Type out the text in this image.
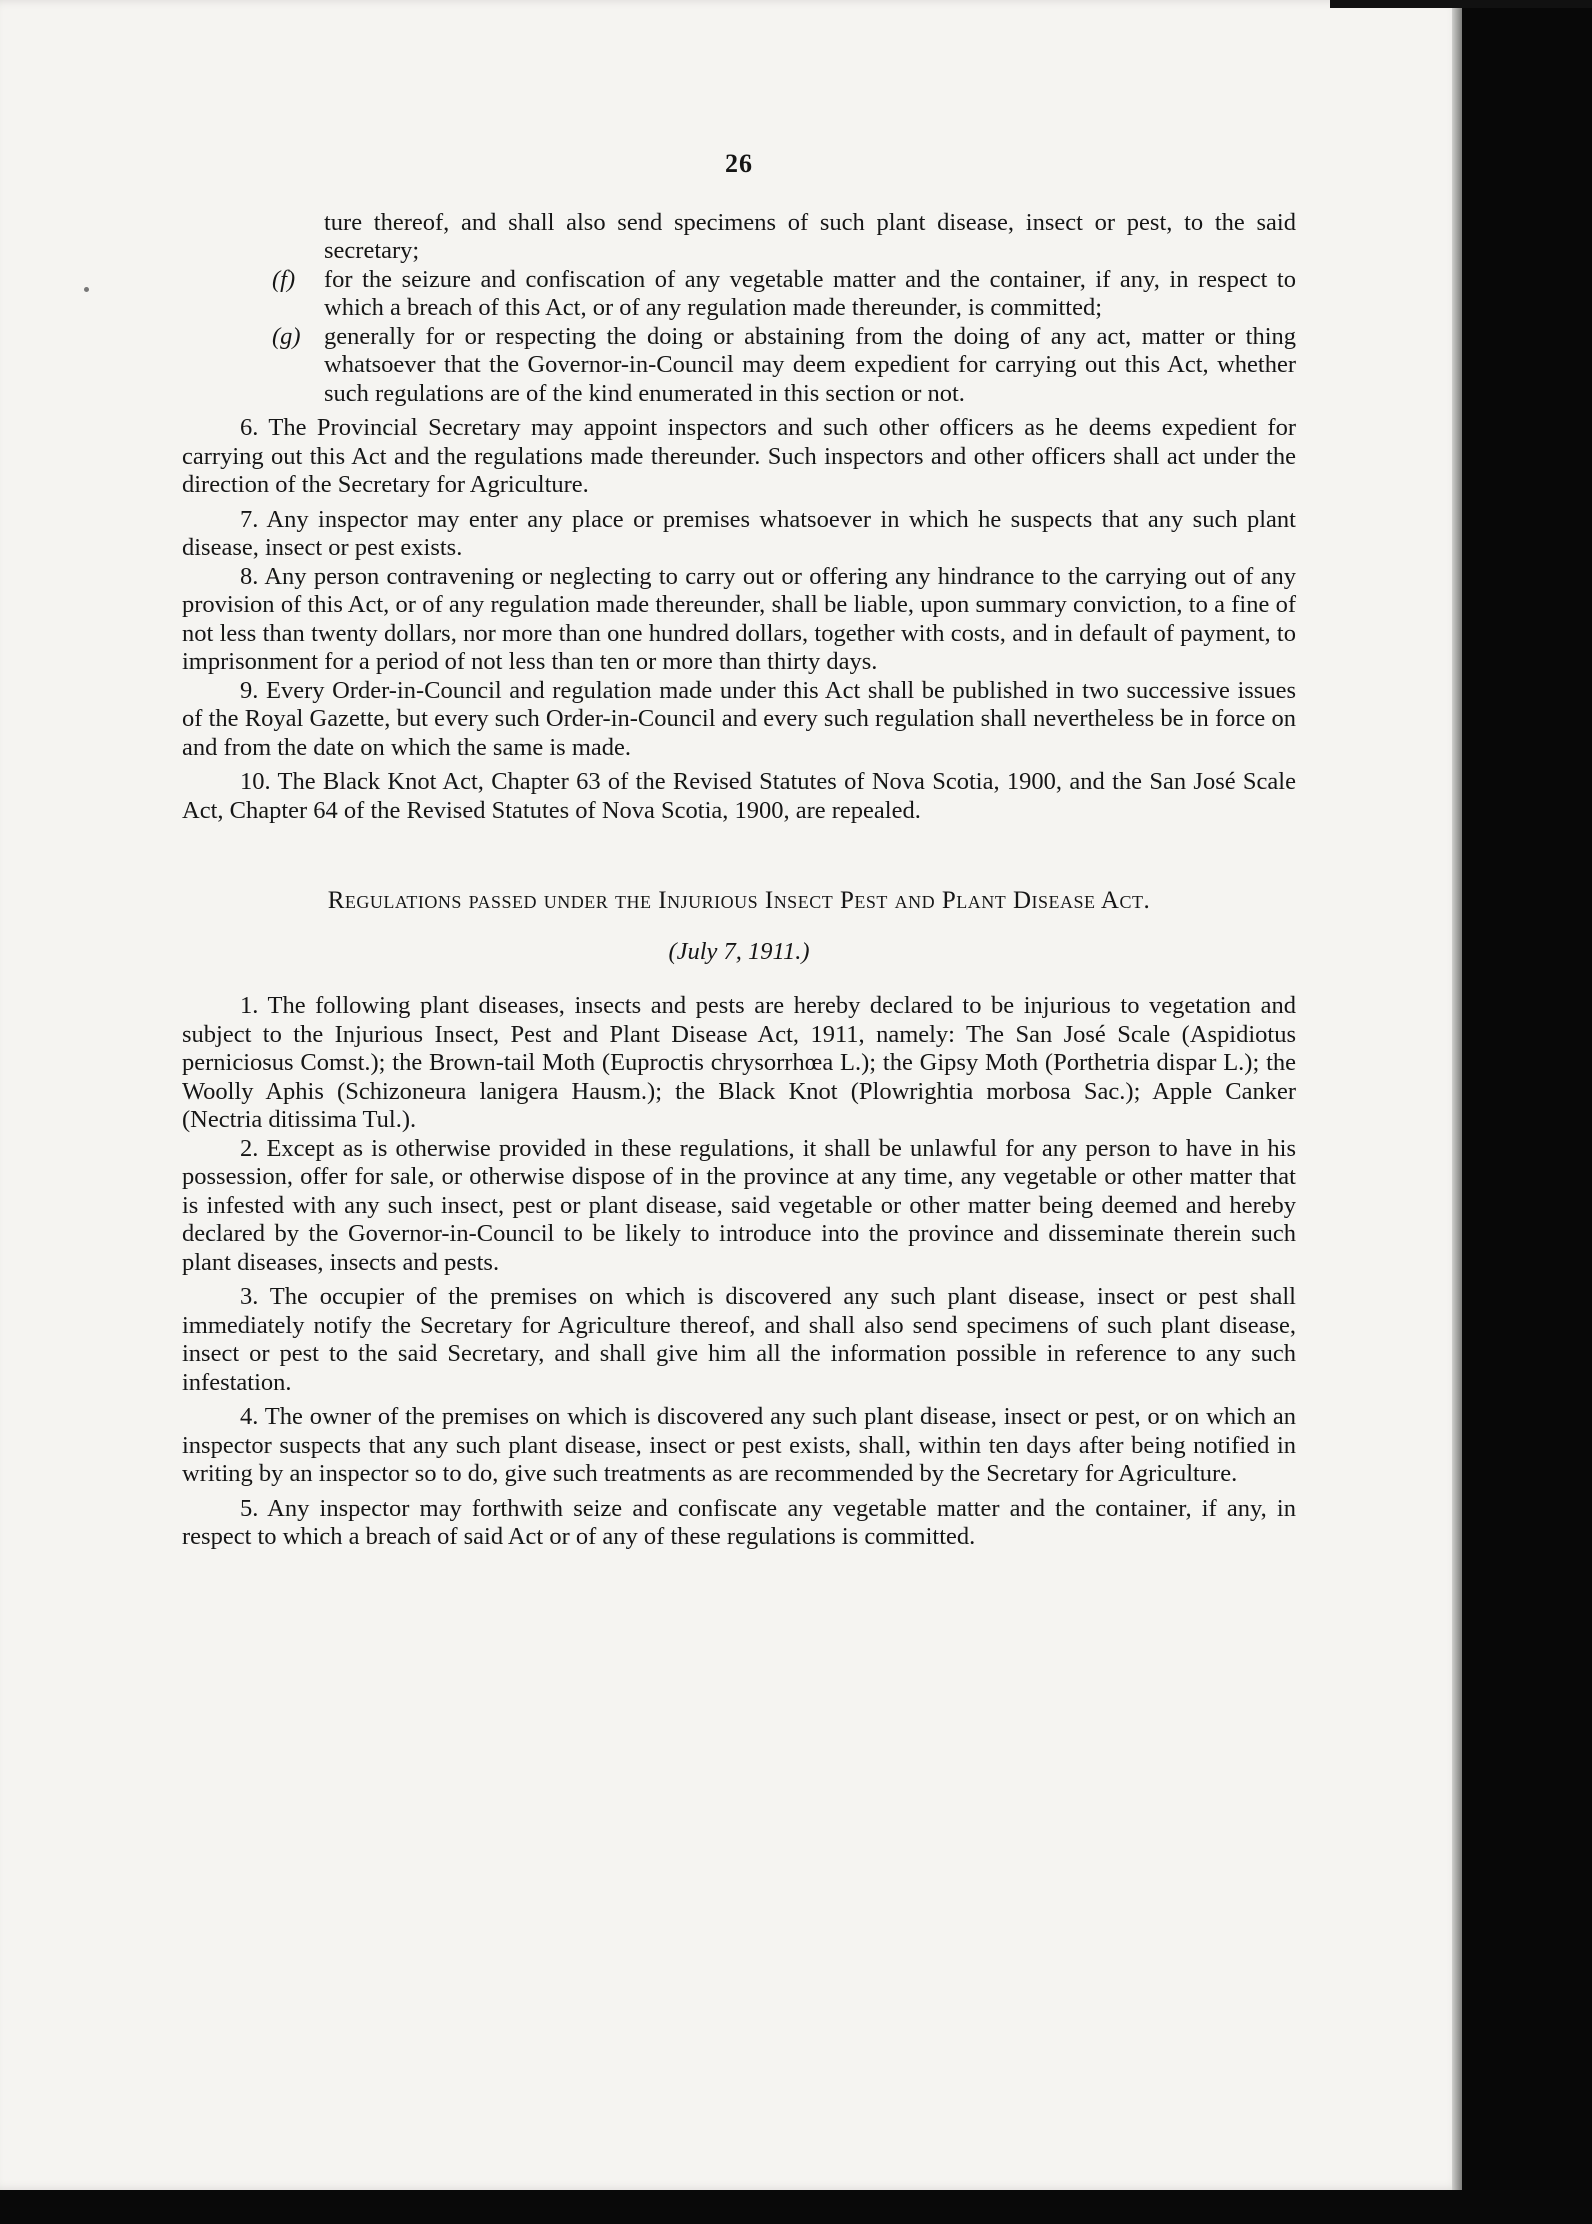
26

ture thereof, and shall also send specimens of such plant disease, insect or pest, to the said secretary;

(f) for the seizure and confiscation of any vegetable matter and the container, if any, in respect to which a breach of this Act, or of any regulation made thereunder, is committed;

(g) generally for or respecting the doing or abstaining from the doing of any act, matter or thing whatsoever that the Governor-in-Council may deem expedient for carrying out this Act, whether such regulations are of the kind enumerated in this section or not.

6. The Provincial Secretary may appoint inspectors and such other officers as he deems expedient for carrying out this Act and the regulations made thereunder. Such inspectors and other officers shall act under the direction of the Secretary for Agriculture.

7. Any inspector may enter any place or premises whatsoever in which he suspects that any such plant disease, insect or pest exists.

8. Any person contravening or neglecting to carry out or offering any hindrance to the carrying out of any provision of this Act, or of any regulation made thereunder, shall be liable, upon summary conviction, to a fine of not less than twenty dollars, nor more than one hundred dollars, together with costs, and in default of payment, to imprisonment for a period of not less than ten or more than thirty days.

9. Every Order-in-Council and regulation made under this Act shall be published in two successive issues of the Royal Gazette, but every such Order-in-Council and every such regulation shall nevertheless be in force on and from the date on which the same is made.

10. The Black Knot Act, Chapter 63 of the Revised Statutes of Nova Scotia, 1900, and the San José Scale Act, Chapter 64 of the Revised Statutes of Nova Scotia, 1900, are repealed.

Regulations passed under the Injurious Insect Pest and Plant Disease Act.
(July 7, 1911.)

1. The following plant diseases, insects and pests are hereby declared to be injurious to vegetation and subject to the Injurious Insect, Pest and Plant Disease Act, 1911, namely: The San José Scale (Aspidiotus perniciosus Comst.); the Brown-tail Moth (Euproctis chrysorrhœa L.); the Gipsy Moth (Porthetria dispar L.); the Woolly Aphis (Schizoneura lanigera Hausm.); the Black Knot (Plowrightia morbosa Sac.); Apple Canker (Nectria ditissima Tul.).

2. Except as is otherwise provided in these regulations, it shall be unlawful for any person to have in his possession, offer for sale, or otherwise dispose of in the province at any time, any vegetable or other matter that is infested with any such insect, pest or plant disease, said vegetable or other matter being deemed and hereby declared by the Governor-in-Council to be likely to introduce into the province and disseminate therein such plant diseases, insects and pests.

3. The occupier of the premises on which is discovered any such plant disease, insect or pest shall immediately notify the Secretary for Agriculture thereof, and shall also send specimens of such plant disease, insect or pest to the said Secretary, and shall give him all the information possible in reference to any such infestation.

4. The owner of the premises on which is discovered any such plant disease, insect or pest, or on which an inspector suspects that any such plant disease, insect or pest exists, shall, within ten days after being notified in writing by an inspector so to do, give such treatments as are recommended by the Secretary for Agriculture.

5. Any inspector may forthwith seize and confiscate any vegetable matter and the container, if any, in respect to which a breach of said Act or of any of these regulations is committed.
